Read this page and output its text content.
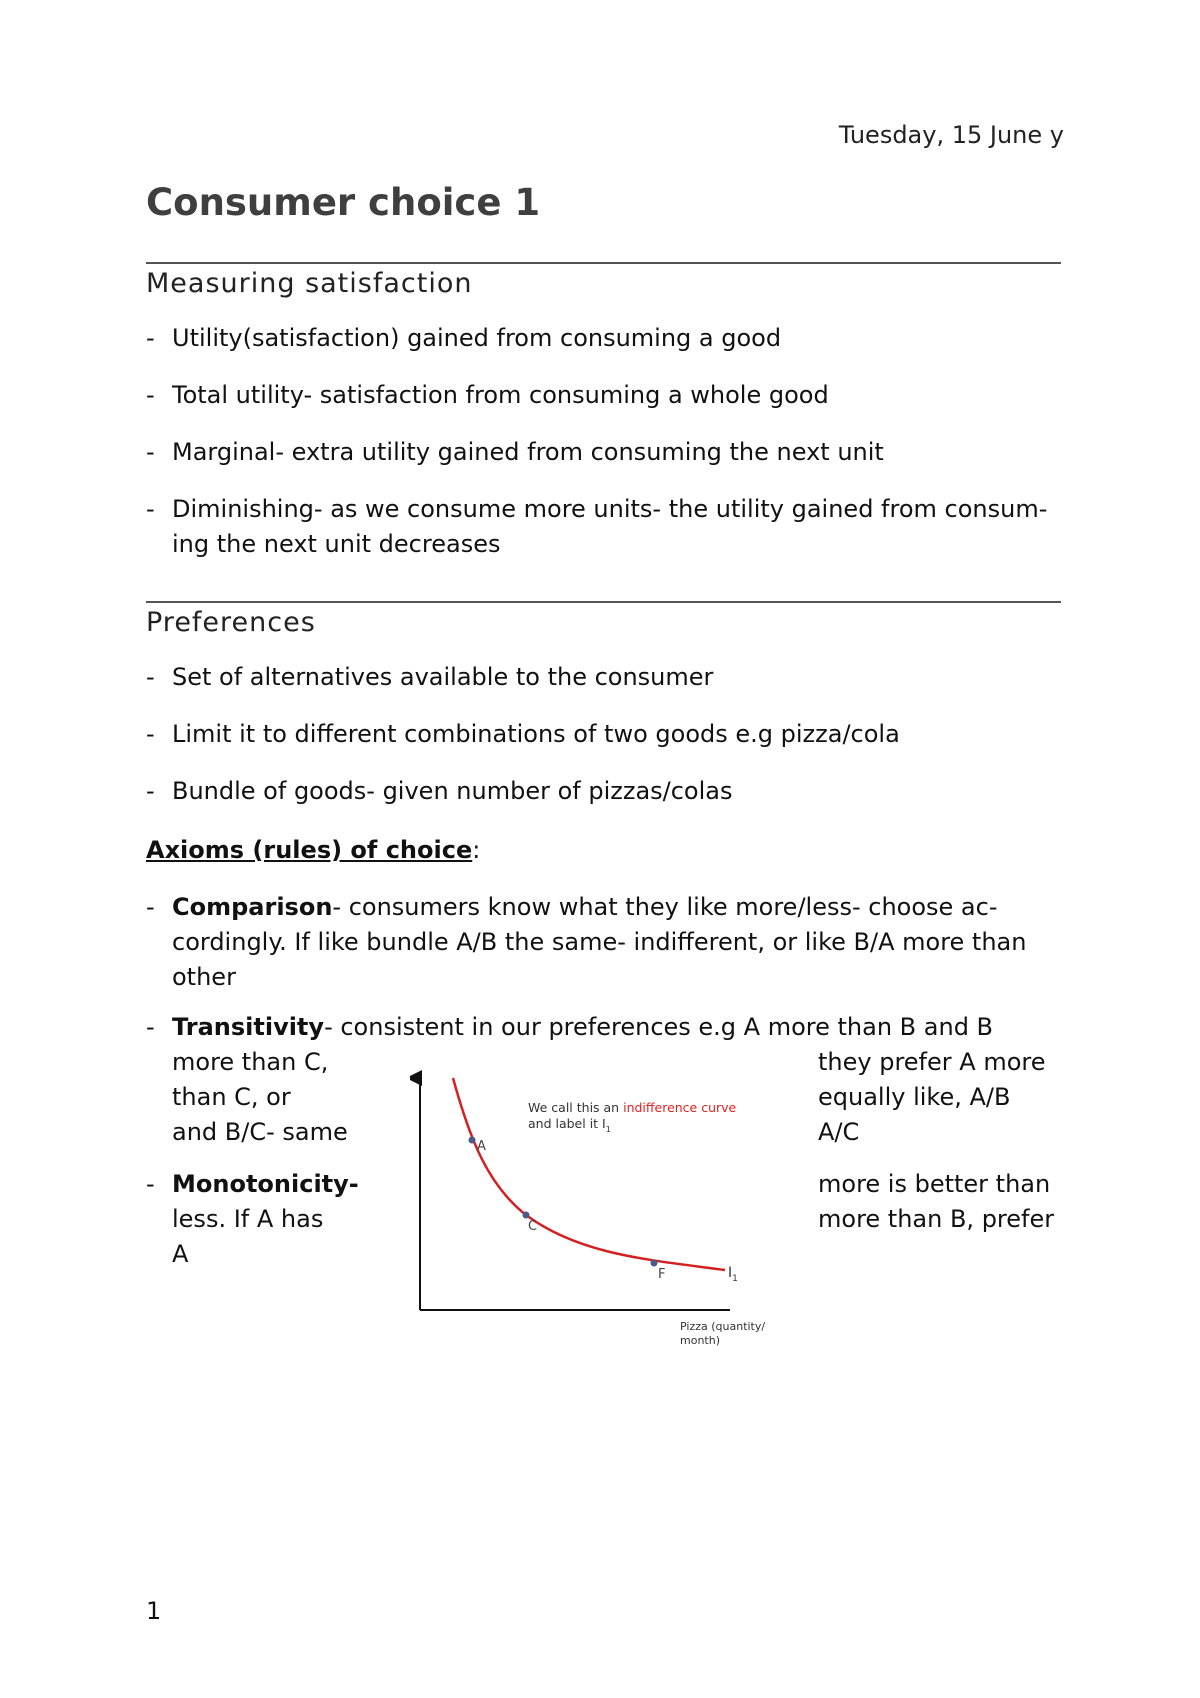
Tuesday, 15 June y
Consumer choice 1
Measuring satisfaction
- Utility(satisfaction) gained from consuming a good
- Total utility- satisfaction from consuming a whole good
- Marginal- extra utility gained from consuming the next unit
- Diminishing- as we consume more units- the utility gained from consum- ing the next unit decreases
Preferences
- Set of alternatives available to the consumer
- Limit it to different combinations of two goods e.g pizza/cola
- Bundle of goods- given number of pizzas/colas

Axioms (rules) of choice:

- Comparison- consumers know what they like more/less- choose ac- cordingly. If like bundle A/B the same- indifferent, or like B/A more than other
- Transitivity- consistent in our preferences e.g A more than B and B
more than C,
than C, or
and B/C- same
they prefer A more
equally like, A/B
A/C
- Monotonicity-
less. If A has
A
more is better than
more than B, prefer
A
C
F	$I_1$
We call this an indifference curve
and label it $I_1$
Pizza (quantity/
month)
1
